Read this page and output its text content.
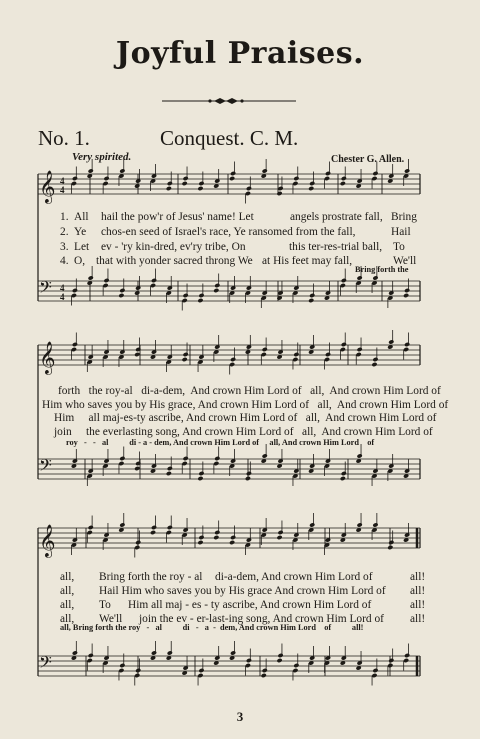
Joyful Praises.
No. 1.	Conquest. C. M.
Very spirited.	Chester G. Allen.
𝄞
𝄢
𝄞
𝄢
𝄞
𝄢
4
4
4
4
1. All hail the pow'r of Jesus' name! Let	angels prostrate fall, Bring
2. Ye chos-en seed of Israel's race, Ye ransomed from the fall,	Hail
3. Let ev - 'ry kin-dred, ev'ry tribe, On	this ter-res-trial ball, To
4. O, that with yonder sacred throng We at His feet may fall,	We'll
Bring forth the
forth   the roy-al   di-a-dem,  And crown Him Lord of   all,  And crown Him Lord of
Him who saves you by His grace, And crown Him Lord of   all,  And crown Him Lord of
Him     all maj-es-ty ascribe, And crown Him Lord of   all,  And crown Him Lord of
join     the everlasting song, And crown Him Lord of   all,  And crown Him Lord of
roy   -   -   al          di - a - dem, And crown Him Lord of     all, And crown Him Lord    of
all, Bring forth the roy - al di-a-dem, And crown Him Lord of	all!
all, Hail Him who saves you by His grace And crown Him Lord of all!
all, To Him all maj - es - ty ascribe, And crown Him Lord of	all!
all, We'll join the ev - er-last-ing song, And crown Him Lord of all!
all, Bring forth the roy   -   al          di   -   a  -  dem, And crown Him Lord    of          all!
3
